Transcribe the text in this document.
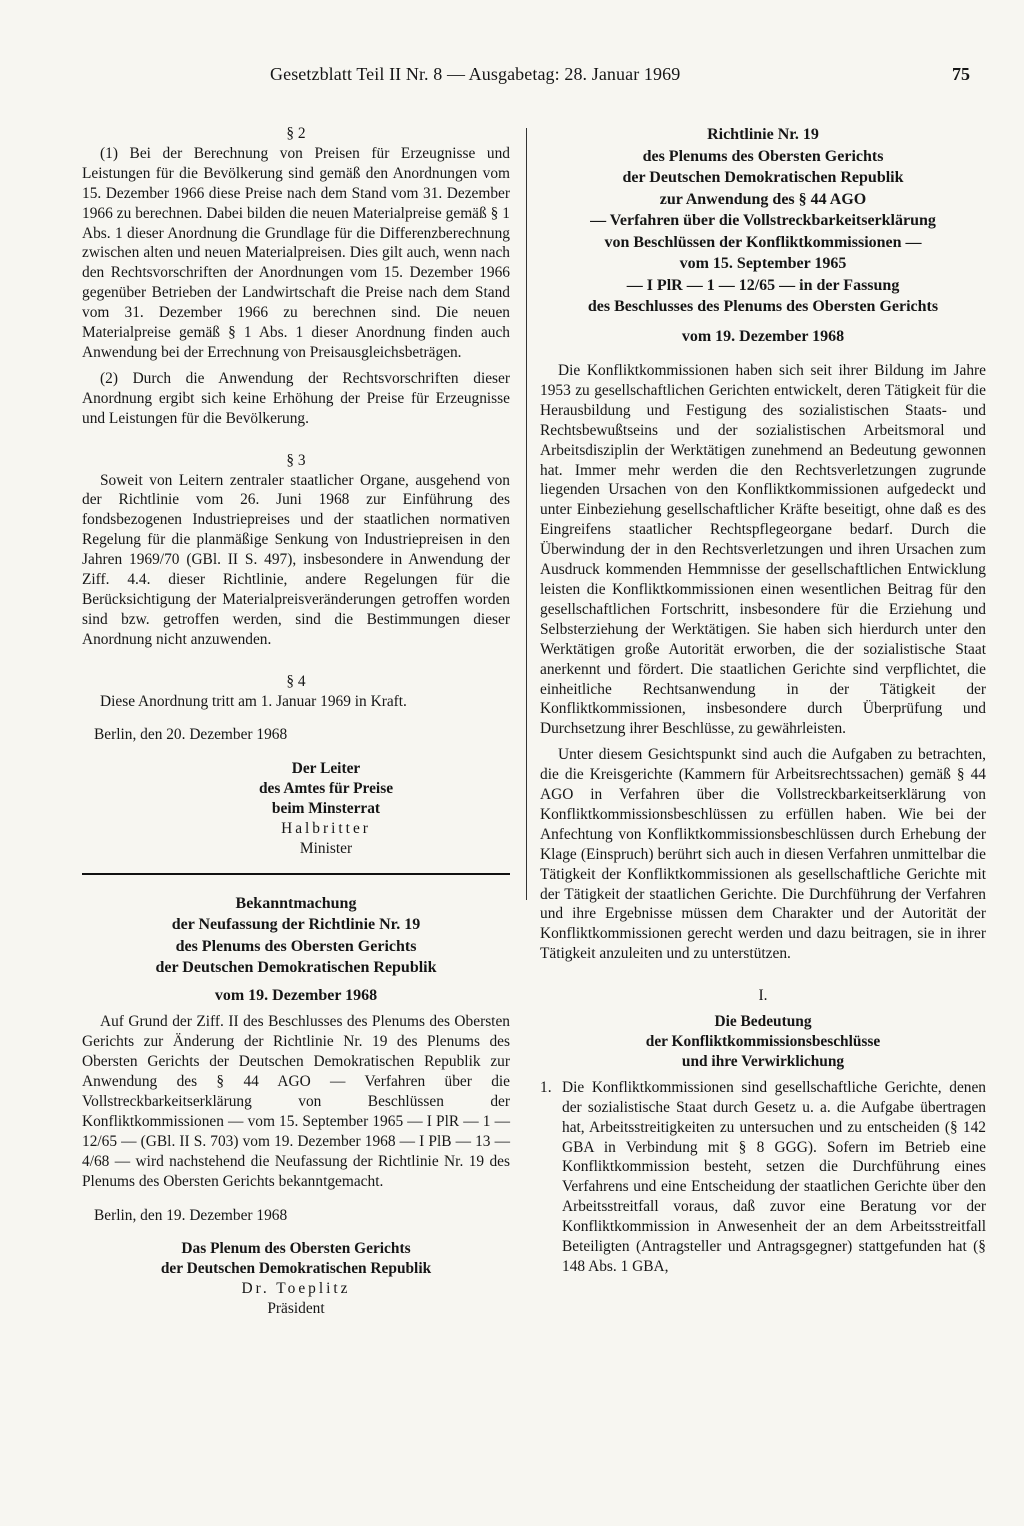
Gesetzblatt Teil II Nr. 8 — Ausgabetag: 28. Januar 1969	75
§ 2

(1) Bei der Berechnung von Preisen für Erzeugnisse und Leistungen für die Bevölkerung sind gemäß den Anordnungen vom 15. Dezember 1966 diese Preise nach dem Stand vom 31. Dezember 1966 zu berechnen. Dabei bilden die neuen Materialpreise gemäß § 1 Abs. 1 dieser Anordnung die Grundlage für die Differenzberechnung zwischen alten und neuen Materialpreisen. Dies gilt auch, wenn nach den Rechtsvorschriften der Anordnungen vom 15. Dezember 1966 gegenüber Betrieben der Landwirtschaft die Preise nach dem Stand vom 31. Dezember 1966 zu berechnen sind. Die neuen Materialpreise gemäß § 1 Abs. 1 dieser Anordnung finden auch Anwendung bei der Errechnung von Preisausgleichsbeträgen.

(2) Durch die Anwendung der Rechtsvorschriften dieser Anordnung ergibt sich keine Erhöhung der Preise für Erzeugnisse und Leistungen für die Bevölkerung.

§ 3

Soweit von Leitern zentraler staatlicher Organe, ausgehend von der Richtlinie vom 26. Juni 1968 zur Einführung des fondsbezogenen Industriepreises und der staatlichen normativen Regelung für die planmäßige Senkung von Industriepreisen in den Jahren 1969/70 (GBl. II S. 497), insbesondere in Anwendung der Ziff. 4.4. dieser Richtlinie, andere Regelungen für die Berücksichtigung der Materialpreisveränderungen getroffen worden sind bzw. getroffen werden, sind die Bestimmungen dieser Anordnung nicht anzuwenden.

§ 4

Diese Anordnung tritt am 1. Januar 1969 in Kraft.

Berlin, den 20. Dezember 1968
Der Leiter
des Amtes für Preise
beim Minsterrat
Halbritter
Minister
Bekanntmachung
der Neufassung der Richtlinie Nr. 19
des Plenums des Obersten Gerichts
der Deutschen Demokratischen Republik
vom 19. Dezember 1968

Auf Grund der Ziff. II des Beschlusses des Plenums des Obersten Gerichts zur Änderung der Richtlinie Nr. 19 des Plenums des Obersten Gerichts der Deutschen Demokratischen Republik zur Anwendung des § 44 AGO — Verfahren über die Vollstreckbarkeitserklärung von Beschlüssen der Konfliktkommissionen — vom 15. September 1965 — I PlR — 1 — 12/65 — (GBl. II S. 703) vom 19. Dezember 1968 — I PlB — 13 — 4/68 — wird nachstehend die Neufassung der Richtlinie Nr. 19 des Plenums des Obersten Gerichts bekanntgemacht.

Berlin, den 19. Dezember 1968
Das Plenum des Obersten Gerichts
der Deutschen Demokratischen Republik
Dr. Toeplitz
Präsident
Richtlinie Nr. 19
des Plenums des Obersten Gerichts
der Deutschen Demokratischen Republik
zur Anwendung des § 44 AGO
— Verfahren über die Vollstreckbarkeitserklärung
von Beschlüssen der Konfliktkommissionen —
vom 15. September 1965
— I PlR — 1 — 12/65 — in der Fassung
des Beschlusses des Plenums des Obersten Gerichts
vom 19. Dezember 1968

Die Konfliktkommissionen haben sich seit ihrer Bildung im Jahre 1953 zu gesellschaftlichen Gerichten entwickelt, deren Tätigkeit für die Herausbildung und Festigung des sozialistischen Staats- und Rechtsbewußtseins und der sozialistischen Arbeitsmoral und Arbeitsdisziplin der Werktätigen zunehmend an Bedeutung gewonnen hat. Immer mehr werden die den Rechtsverletzungen zugrunde liegenden Ursachen von den Konfliktkommissionen aufgedeckt und unter Einbeziehung gesellschaftlicher Kräfte beseitigt, ohne daß es des Eingreifens staatlicher Rechtspflegeorgane bedarf. Durch die Überwindung der in den Rechtsverletzungen und ihren Ursachen zum Ausdruck kommenden Hemmnisse der gesellschaftlichen Entwicklung leisten die Konfliktkommissionen einen wesentlichen Beitrag für den gesellschaftlichen Fortschritt, insbesondere für die Erziehung und Selbsterziehung der Werktätigen. Sie haben sich hierdurch unter den Werktätigen große Autorität erworben, die der sozialistische Staat anerkennt und fördert. Die staatlichen Gerichte sind verpflichtet, die einheitliche Rechtsanwendung in der Tätigkeit der Konfliktkommissionen, insbesondere durch Überprüfung und Durchsetzung ihrer Beschlüsse, zu gewährleisten.

Unter diesem Gesichtspunkt sind auch die Aufgaben zu betrachten, die die Kreisgerichte (Kammern für Arbeitsrechtssachen) gemäß § 44 AGO in Verfahren über die Vollstreckbarkeitserklärung von Konfliktkommissionsbeschlüssen zu erfüllen haben. Wie bei der Anfechtung von Konfliktkommissionsbeschlüssen durch Erhebung der Klage (Einspruch) berührt sich auch in diesen Verfahren unmittelbar die Tätigkeit der Konfliktkommissionen als gesellschaftliche Gerichte mit der Tätigkeit der staatlichen Gerichte. Die Durchführung der Verfahren und ihre Ergebnisse müssen dem Charakter und der Autorität der Konfliktkommissionen gerecht werden und dazu beitragen, sie in ihrer Tätigkeit anzuleiten und zu unterstützen.

I.
Die Bedeutung
der Konfliktkommissionsbeschlüsse
und ihre Verwirklichung
1. Die Konfliktkommissionen sind gesellschaftliche Gerichte, denen der sozialistische Staat durch Gesetz u. a. die Aufgabe übertragen hat, Arbeitsstreitigkeiten zu untersuchen und zu entscheiden (§ 142 GBA in Verbindung mit § 8 GGG). Sofern im Betrieb eine Konfliktkommission besteht, setzen die Durchführung eines Verfahrens und eine Entscheidung der staatlichen Gerichte über den Arbeitsstreitfall voraus, daß zuvor eine Beratung vor der Konfliktkommission in Anwesenheit der an dem Arbeitsstreitfall Beteiligten (Antragsteller und Antragsgegner) stattgefunden hat (§ 148 Abs. 1 GBA,
